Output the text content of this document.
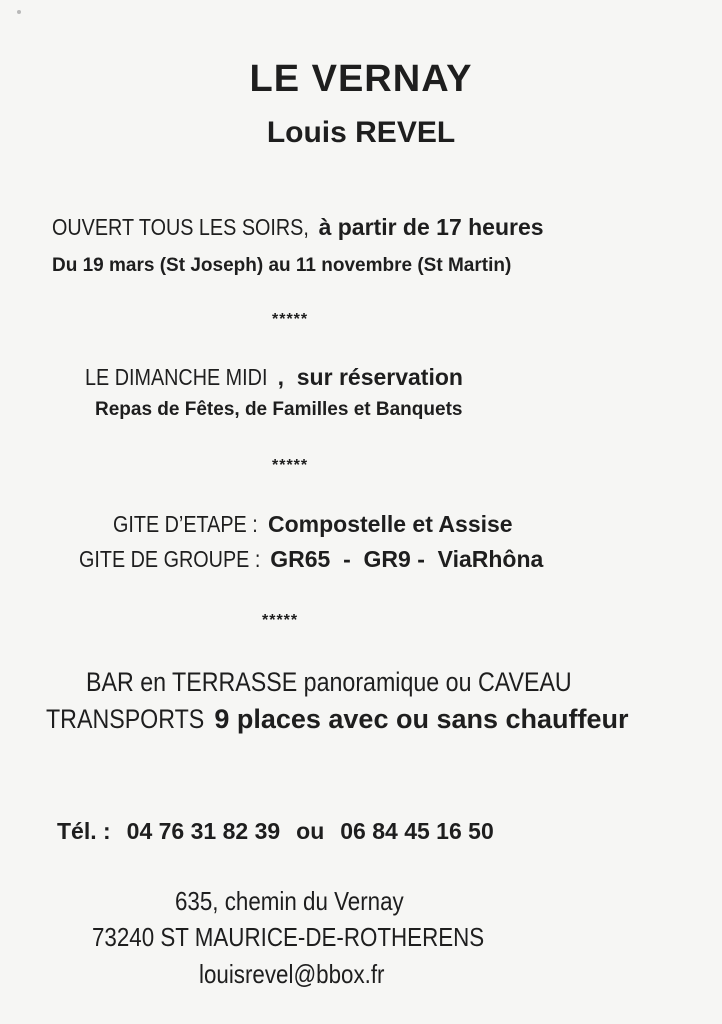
LE VERNAY
Louis REVEL
OUVERT TOUS LES SOIRS, à partir de 17 heures
Du 19 mars (St Joseph) au 11 novembre (St Martin)
*****
LE DIMANCHE MIDI , sur réservation
Repas de Fêtes, de Familles et Banquets
*****
GITE D’ETAPE : Compostelle et Assise
GITE DE GROUPE : GR65  -  GR9 -  ViaRhôna
*****
BAR en TERRASSE panoramique ou CAVEAU
TRANSPORTS 9 places avec ou sans chauffeur
Tél. : 04 76 31 82 39 ou 06 84 45 16 50
635, chemin du Vernay
73240 ST MAURICE-DE-ROTHERENS
louisrevel@bbox.fr
